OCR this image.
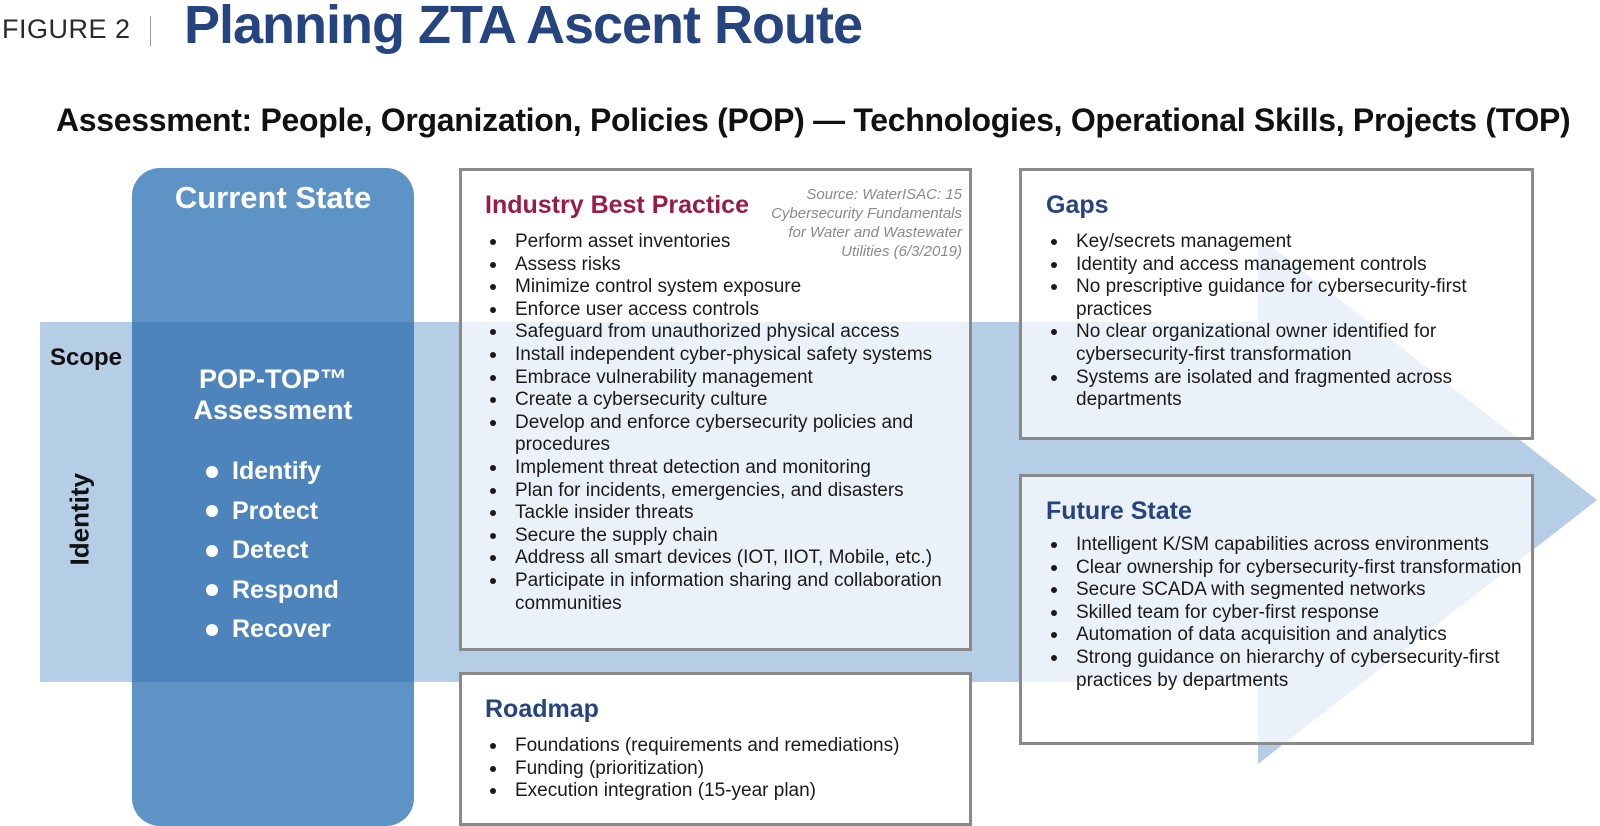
FIGURE 2 Planning ZTA Ascent Route
Assessment: People, Organization, Policies (POP) — Technologies, Operational Skills, Projects (TOP)
Current State
POP-TOP™
Assessment
Identify
Protect
Detect
Respond
Recover
Scope
Identity
Industry Best Practice	Source: WaterISAC: 15 Cybersecurity Fundamentals for Water and Wastewater Utilities (6/3/2019)
Perform asset inventories
Assess risks
Minimize control system exposure
Enforce user access controls
Safeguard from unauthorized physical access
Install independent cyber-physical safety systems
Embrace vulnerability management
Create a cybersecurity culture
Develop and enforce cybersecurity policies and procedures
Implement threat detection and monitoring
Plan for incidents, emergencies, and disasters
Tackle insider threats
Secure the supply chain
Address all smart devices (IOT, IIOT, Mobile, etc.)
Participate in information sharing and collaboration communities
Roadmap
Foundations (requirements and remediations)
Funding (prioritization)
Execution integration (15-year plan)
Gaps
Key/secrets management
Identity and access management controls
No prescriptive guidance for cybersecurity-first practices
No clear organizational owner identified for cybersecurity-first transformation
Systems are isolated and fragmented across departments
Future State
Intelligent K/SM capabilities across environments
Clear ownership for cybersecurity-first transformation
Secure SCADA with segmented networks
Skilled team for cyber-first response
Automation of data acquisition and analytics
Strong guidance on hierarchy of cybersecurity-first practices by departments
